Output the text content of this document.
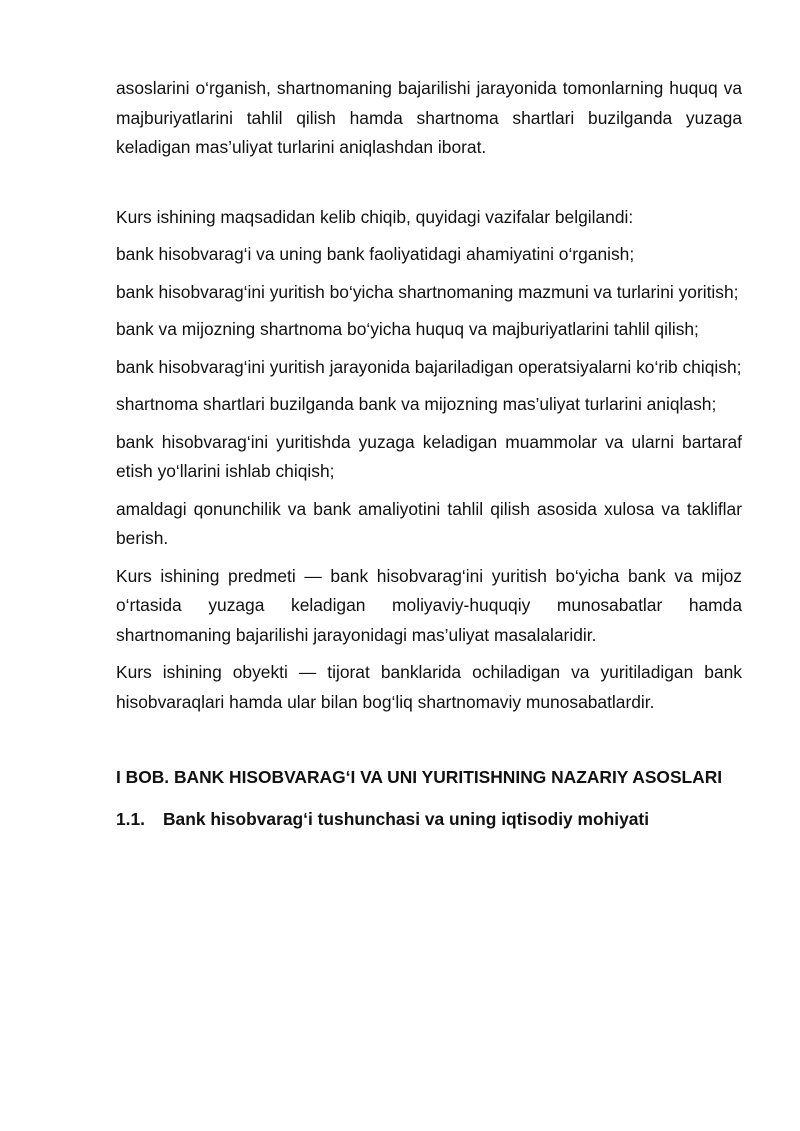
asoslarini o‘rganish, shartnomaning bajarilishi jarayonida tomonlarning huquq va majburiyatlarini tahlil qilish hamda shartnoma shartlari buzilganda yuzaga keladigan mas’uliyat turlarini aniqlashdan iborat.

Kurs ishining maqsadidan kelib chiqib, quyidagi vazifalar belgilandi:

bank hisobvarag‘i va uning bank faoliyatidagi ahamiyatini o‘rganish;

bank hisobvarag‘ini yuritish bo‘yicha shartnomaning mazmuni va turlarini yoritish;

bank va mijozning shartnoma bo‘yicha huquq va majburiyatlarini tahlil qilish;

bank hisobvarag‘ini yuritish jarayonida bajariladigan operatsiyalarni ko‘rib chiqish;

shartnoma shartlari buzilganda bank va mijozning mas’uliyat turlarini aniqlash;

bank hisobvarag‘ini yuritishda yuzaga keladigan muammolar va ularni bartaraf etish yo‘llarini ishlab chiqish;

amaldagi qonunchilik va bank amaliyotini tahlil qilish asosida xulosa va takliflar berish.

Kurs ishining predmeti — bank hisobvarag‘ini yuritish bo‘yicha bank va mijoz o‘rtasida yuzaga keladigan moliyaviy-huquqiy munosabatlar hamda shartnomaning bajarilishi jarayonidagi mas’uliyat masalalaridir.

Kurs ishining obyekti — tijorat banklarida ochiladigan va yuritiladigan bank hisobvaraqlari hamda ular bilan bog‘liq shartnomaviy munosabatlardir.

I BOB. BANK HISOBVARAG‘I VA UNI YURITISHNING NAZARIY ASOSLARI
1.1. Bank hisobvarag‘i tushunchasi va uning iqtisodiy mohiyati
